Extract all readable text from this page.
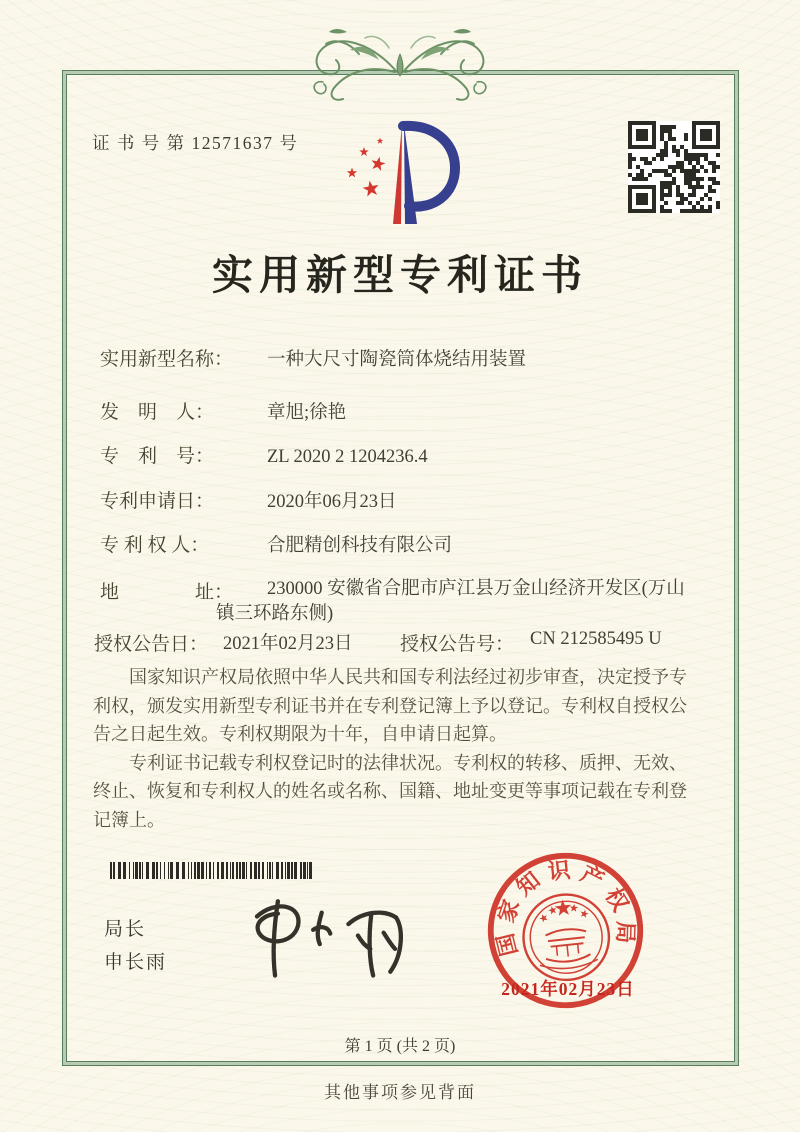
证 书 号 第 12571637 号
实用新型专利证书
实用新型名称： 一种大尺寸陶瓷筒体烧结用装置
发　明　人：	章旭;徐艳
专　利　号：	ZL 2020 2 1204236.4
专利申请日：	2020年06月23日
专 利 权 人：	合肥精创科技有限公司
地　　　　址：	230000 安徽省合肥市庐江县万金山经济开发区(万山镇三环路东侧)
授权公告日： 2021年02月23日 授权公告号： CN 212585495 U

国家知识产权局依照中华人民共和国专利法经过初步审查，决定授予专利权，颁发实用新型专利证书并在专利登记簿上予以登记。专利权自授权公告之日起生效。专利权期限为十年，自申请日起算。

专利证书记载专利权登记时的法律状况。专利权的转移、质押、无效、终止、恢复和专利权人的姓名或名称、国籍、地址变更等事项记载在专利登记簿上。

局长
申长雨
国
家
知 识 产
权
局
2021年02月23日
第 1 页 (共 2 页)
其他事项参见背面
